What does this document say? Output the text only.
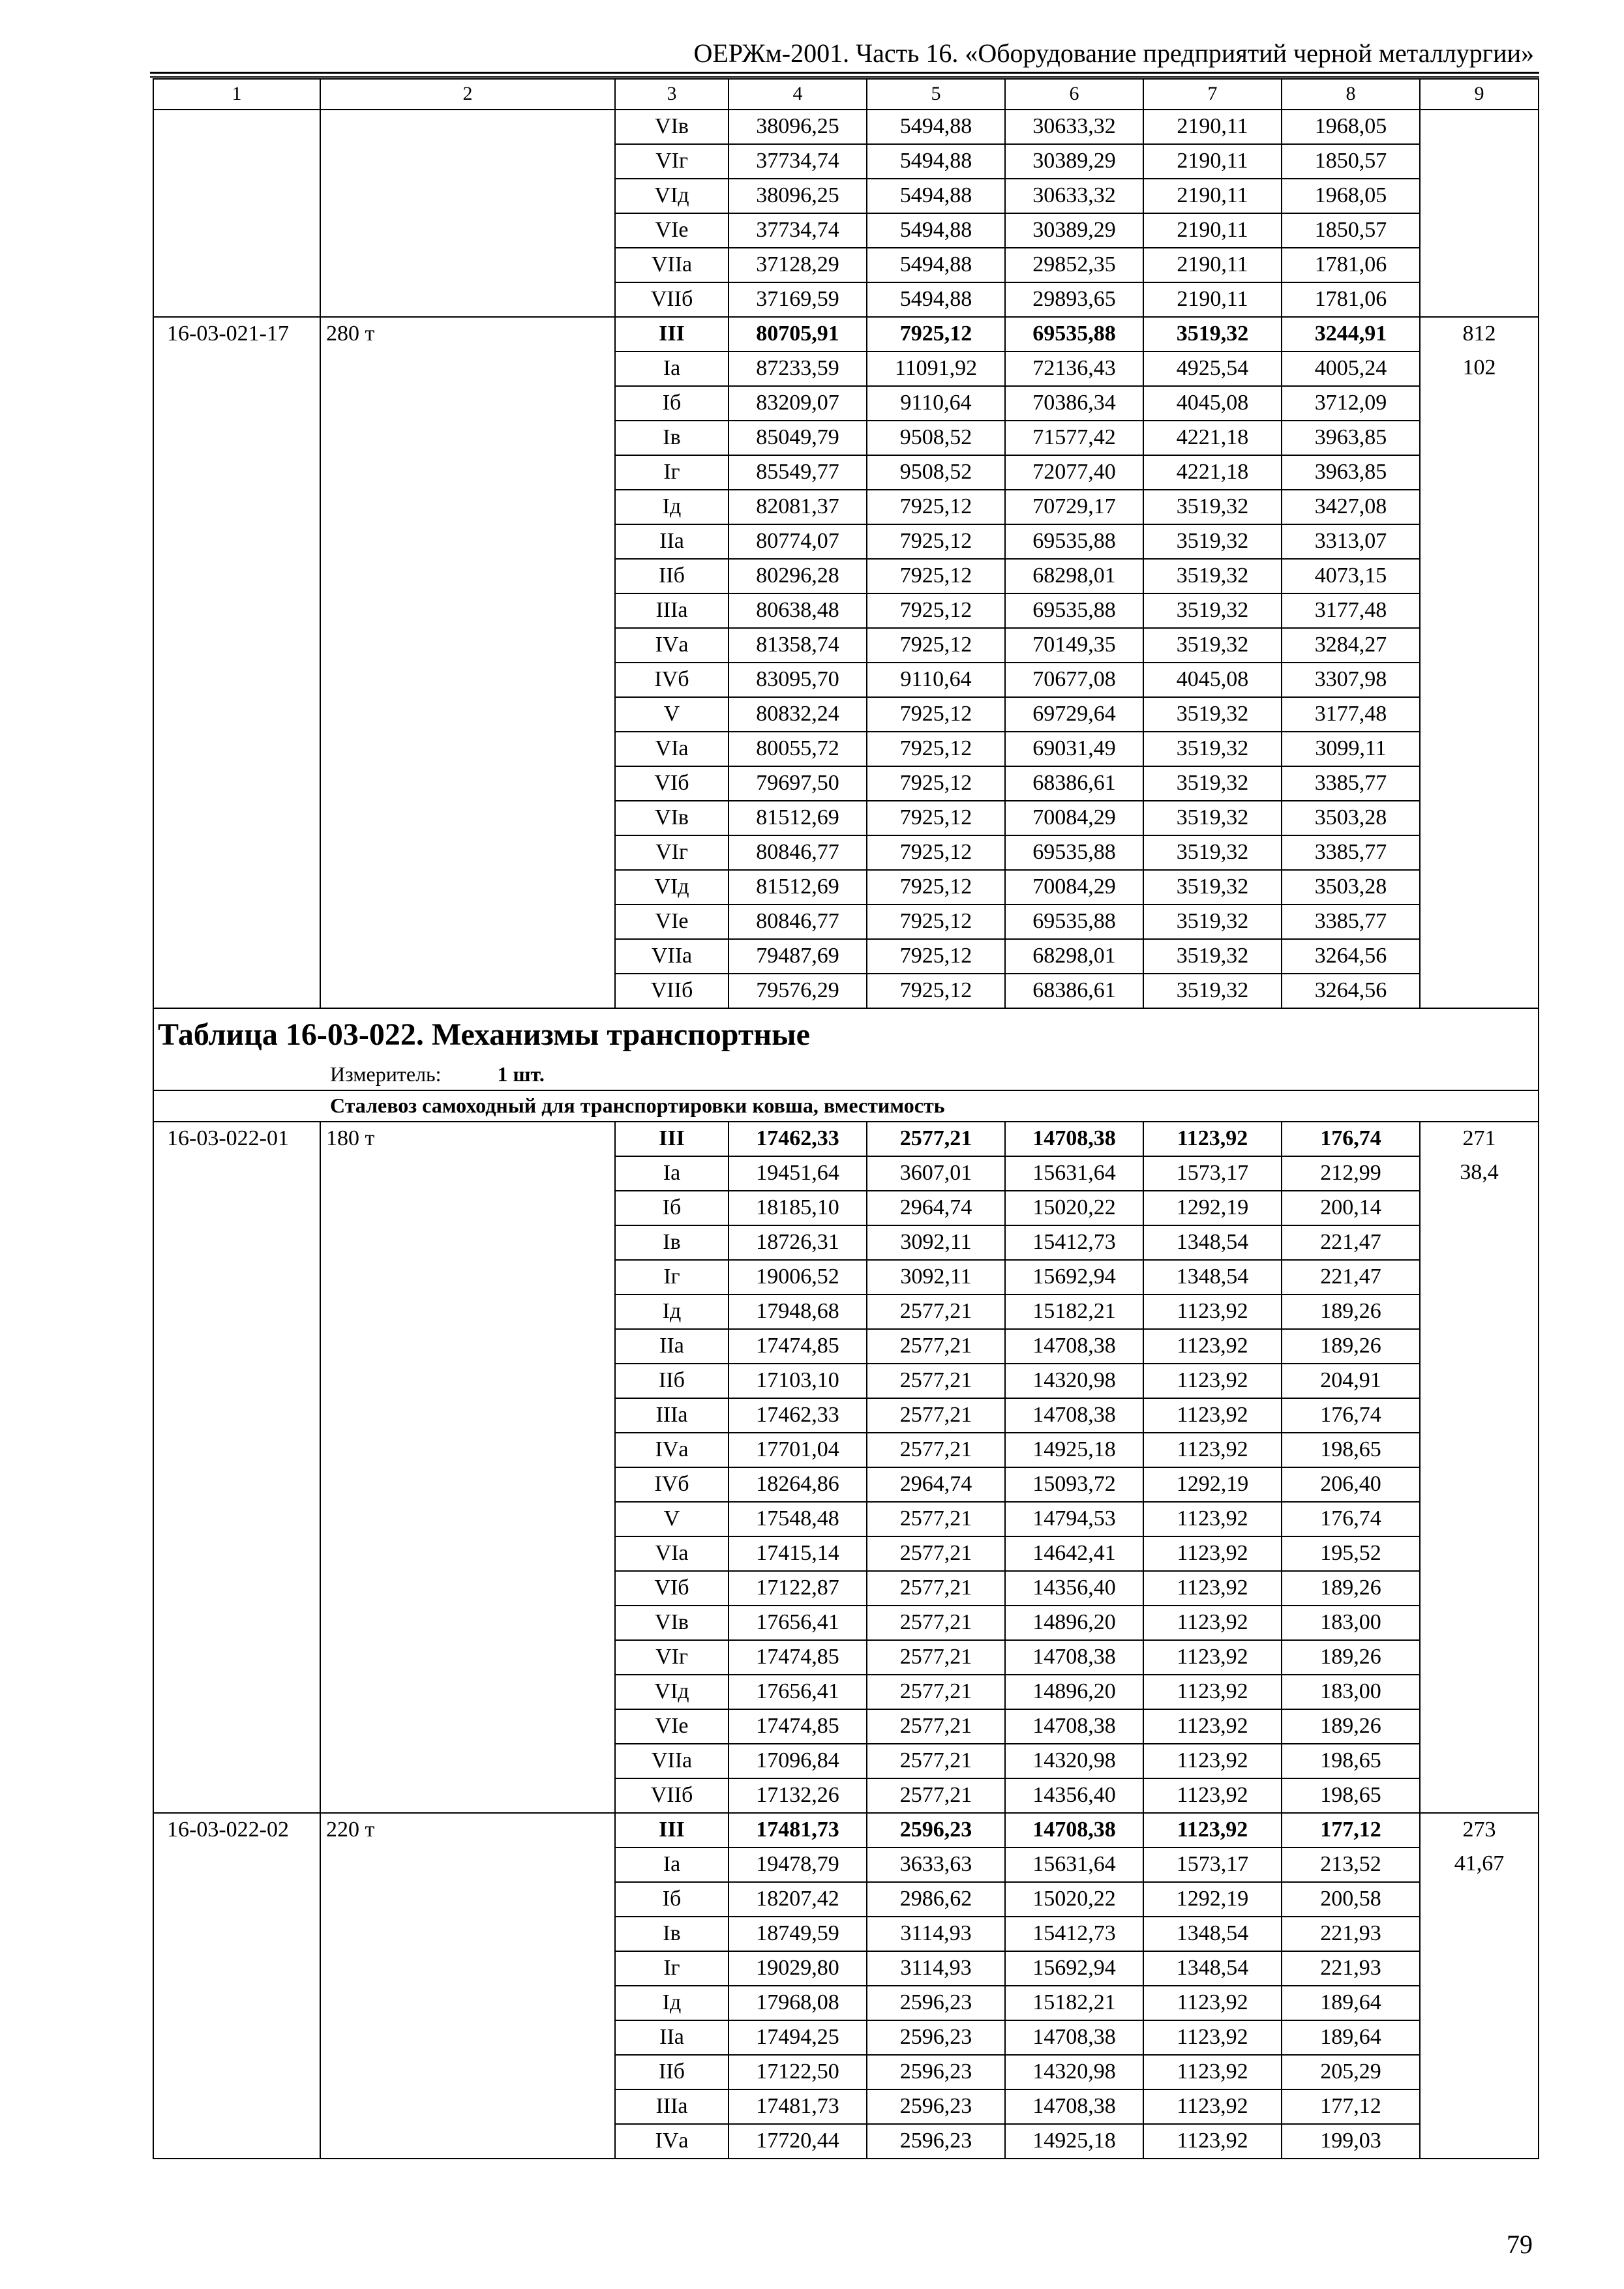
ОЕРЖм-2001. Часть 16. «Оборудование предприятий черной металлургии»
1	2	3	4	5	6	7	8	9
		VIв	38096,25	5494,88	30633,32	2190,11	1968,05	
		VIг	37734,74	5494,88	30389,29	2190,11	1850,57	
		VIд	38096,25	5494,88	30633,32	2190,11	1968,05	
		VIе	37734,74	5494,88	30389,29	2190,11	1850,57	
		VIIа	37128,29	5494,88	29852,35	2190,11	1781,06	
		VIIб	37169,59	5494,88	29893,65	2190,11	1781,06	
16-03-021-17	280 т	III	80705,91	7925,12	69535,88	3519,32	3244,91	812
		Iа	87233,59	11091,92	72136,43	4925,54	4005,24	102
		Iб	83209,07	9110,64	70386,34	4045,08	3712,09	
		Iв	85049,79	9508,52	71577,42	4221,18	3963,85	
		Iг	85549,77	9508,52	72077,40	4221,18	3963,85	
		Iд	82081,37	7925,12	70729,17	3519,32	3427,08	
		IIа	80774,07	7925,12	69535,88	3519,32	3313,07	
		IIб	80296,28	7925,12	68298,01	3519,32	4073,15	
		IIIа	80638,48	7925,12	69535,88	3519,32	3177,48	
		IVа	81358,74	7925,12	70149,35	3519,32	3284,27	
		IVб	83095,70	9110,64	70677,08	4045,08	3307,98	
		V	80832,24	7925,12	69729,64	3519,32	3177,48	
		VIа	80055,72	7925,12	69031,49	3519,32	3099,11	
		VIб	79697,50	7925,12	68386,61	3519,32	3385,77	
		VIв	81512,69	7925,12	70084,29	3519,32	3503,28	
		VIг	80846,77	7925,12	69535,88	3519,32	3385,77	
		VIд	81512,69	7925,12	70084,29	3519,32	3503,28	
		VIе	80846,77	7925,12	69535,88	3519,32	3385,77	
		VIIа	79487,69	7925,12	68298,01	3519,32	3264,56	
		VIIб	79576,29	7925,12	68386,61	3519,32	3264,56	
Таблица 16-03-022. Механизмы транспортные								
Измеритель: 1 шт.								
Сталевоз самоходный для транспортировки ковша, вместимость								
16-03-022-01	180 т	III	17462,33	2577,21	14708,38	1123,92	176,74	271
		Iа	19451,64	3607,01	15631,64	1573,17	212,99	38,4
		Iб	18185,10	2964,74	15020,22	1292,19	200,14	
		Iв	18726,31	3092,11	15412,73	1348,54	221,47	
		Iг	19006,52	3092,11	15692,94	1348,54	221,47	
		Iд	17948,68	2577,21	15182,21	1123,92	189,26	
		IIа	17474,85	2577,21	14708,38	1123,92	189,26	
		IIб	17103,10	2577,21	14320,98	1123,92	204,91	
		IIIа	17462,33	2577,21	14708,38	1123,92	176,74	
		IVа	17701,04	2577,21	14925,18	1123,92	198,65	
		IVб	18264,86	2964,74	15093,72	1292,19	206,40	
		V	17548,48	2577,21	14794,53	1123,92	176,74	
		VIа	17415,14	2577,21	14642,41	1123,92	195,52	
		VIб	17122,87	2577,21	14356,40	1123,92	189,26	
		VIв	17656,41	2577,21	14896,20	1123,92	183,00	
		VIг	17474,85	2577,21	14708,38	1123,92	189,26	
		VIд	17656,41	2577,21	14896,20	1123,92	183,00	
		VIе	17474,85	2577,21	14708,38	1123,92	189,26	
		VIIа	17096,84	2577,21	14320,98	1123,92	198,65	
		VIIб	17132,26	2577,21	14356,40	1123,92	198,65	
16-03-022-02	220 т	III	17481,73	2596,23	14708,38	1123,92	177,12	273
		Iа	19478,79	3633,63	15631,64	1573,17	213,52	41,67
		Iб	18207,42	2986,62	15020,22	1292,19	200,58	
		Iв	18749,59	3114,93	15412,73	1348,54	221,93	
		Iг	19029,80	3114,93	15692,94	1348,54	221,93	
		Iд	17968,08	2596,23	15182,21	1123,92	189,64	
		IIа	17494,25	2596,23	14708,38	1123,92	189,64	
		IIб	17122,50	2596,23	14320,98	1123,92	205,29	
		IIIа	17481,73	2596,23	14708,38	1123,92	177,12	
		IVа	17720,44	2596,23	14925,18	1123,92	199,03	
79
